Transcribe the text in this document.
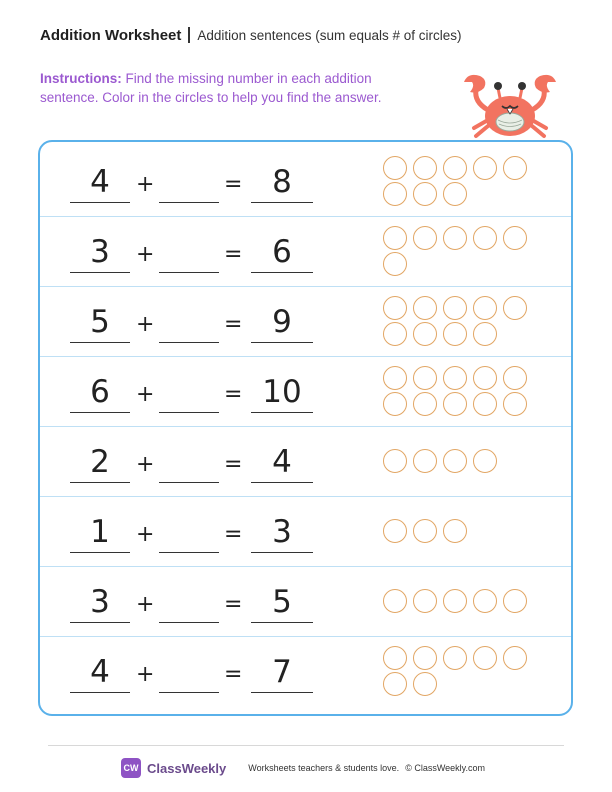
Addition Worksheet Addition sentences (sum equals # of circles)
Instructions: Find the missing number in each addition sentence. Color in the circles to help you find the answer.
4	+	= 8
3	+	= 6
5	+	= 9
6	+	= 10
2	+	= 4
1	+	= 3
3	+	= 5
4	+	= 7
CW ClassWeekly Worksheets teachers & students love. © ClassWeekly.com
